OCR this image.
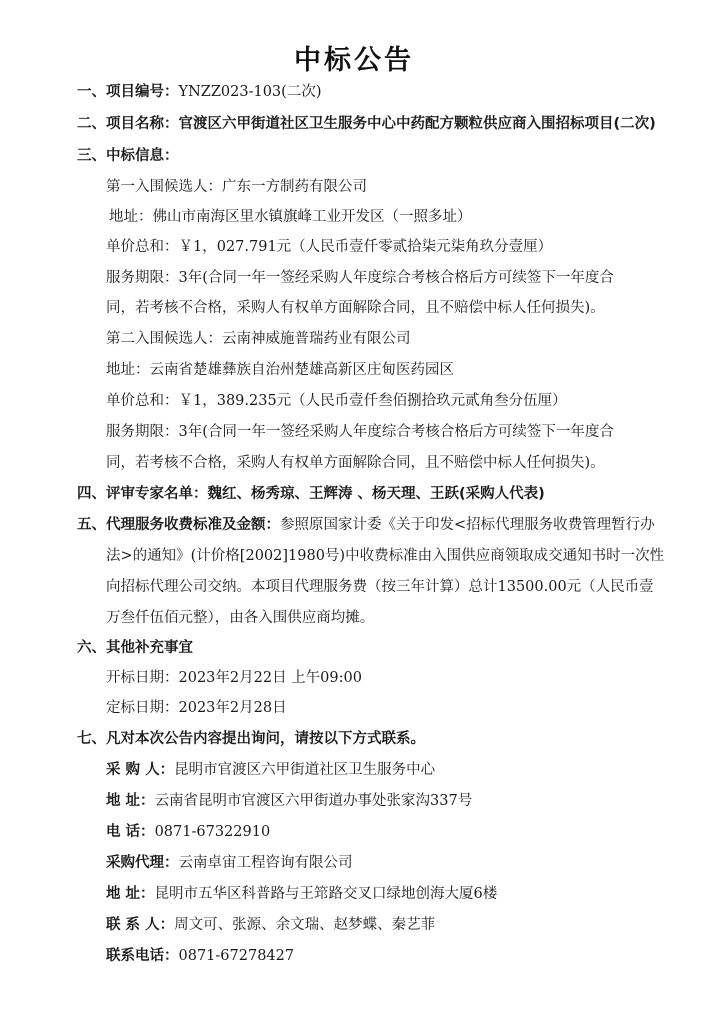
中标公告
一、项目编号：YNZZ023-103(二次)
二、项目名称：官渡区六甲街道社区卫生服务中心中药配方颗粒供应商入围招标项目(二次)
三、中标信息：
第一入围候选人：广东一方制药有限公司
地址：佛山市南海区里水镇旗峰工业开发区（一照多址）
单价总和：￥1，027.791元（人民币壹仟零贰拾柒元柒角玖分壹厘）
服务期限：3年(合同一年一签经采购人年度综合考核合格后方可续签下一年度合
同，若考核不合格，采购人有权单方面解除合同，且不赔偿中标人任何损失)。
第二入围候选人：云南神威施普瑞药业有限公司
地址：云南省楚雄彝族自治州楚雄高新区庄甸医药园区
单价总和：￥1，389.235元（人民币壹仟叁佰捌拾玖元贰角叁分伍厘）
服务期限：3年(合同一年一签经采购人年度综合考核合格后方可续签下一年度合
同，若考核不合格，采购人有权单方面解除合同，且不赔偿中标人任何损失)。
四、评审专家名单：魏红、杨秀琼、王辉涛 、杨天理、王跃(采购人代表)
五、代理服务收费标准及金额：参照原国家计委《关于印发<招标代理服务收费管理暂行办
法>的通知》(计价格[2002]1980号)中收费标准由入围供应商领取成交通知书时一次性
向招标代理公司交纳。本项目代理服务费（按三年计算）总计13500.00元（人民币壹
万叁仟伍佰元整），由各入围供应商均摊。
六、其他补充事宜
开标日期：2023年2月22日 上午09:00
定标日期：2023年2月28日
七、凡对本次公告内容提出询问，请按以下方式联系。
采 购 人：昆明市官渡区六甲街道社区卫生服务中心
地 址：云南省昆明市官渡区六甲街道办事处张家沟337号
电 话：0871-67322910
采购代理：云南卓宙工程咨询有限公司
地 址：昆明市五华区科普路与王筇路交叉口绿地创海大厦6楼
联 系 人：周文可、张源、余文瑞、赵梦蝶、秦艺菲
联系电话：0871-67278427
